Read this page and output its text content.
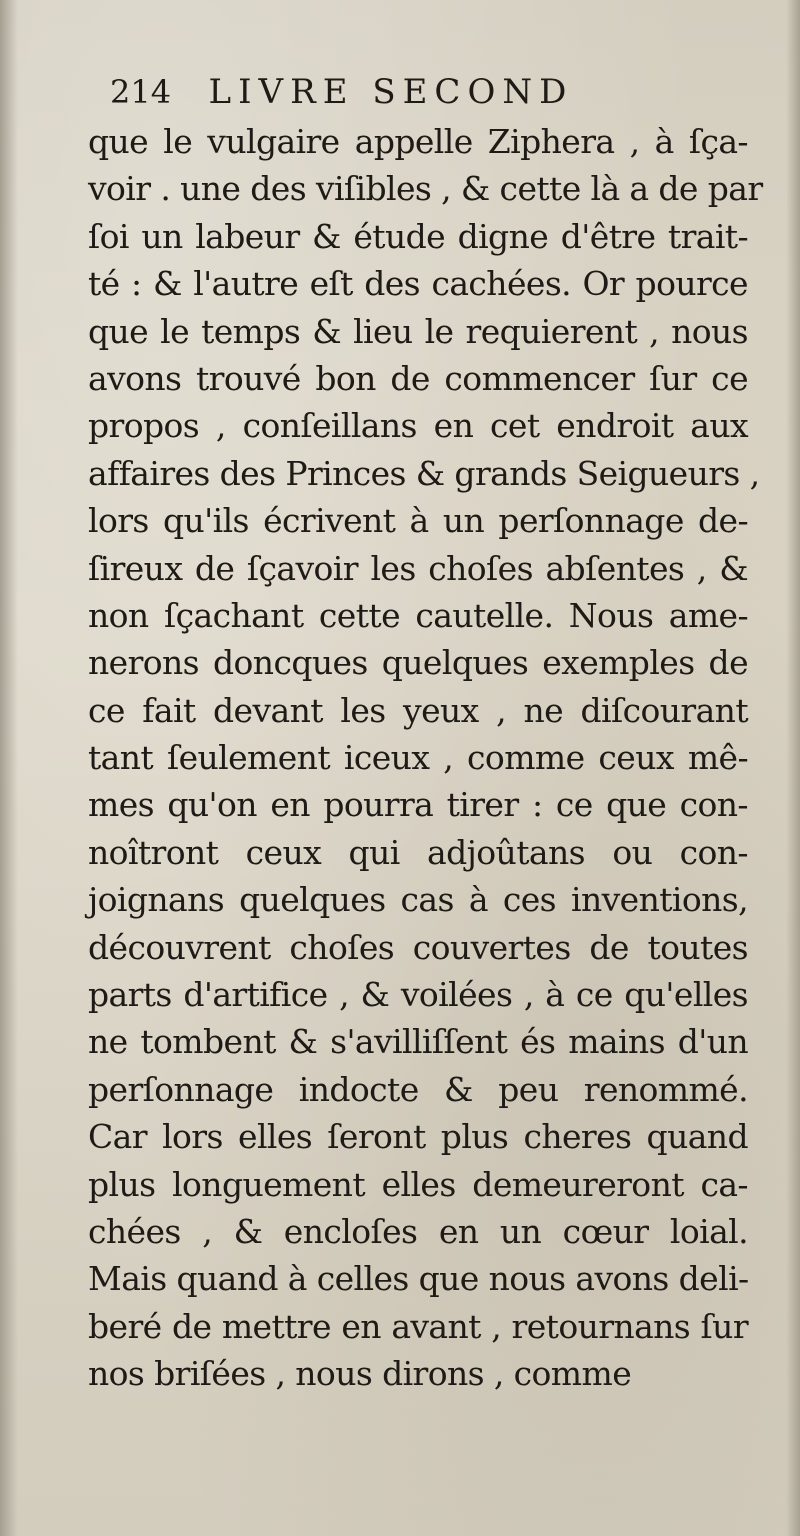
214 LIVRE SECOND
que le vulgaire appelle Ziphera , à ſça-
voir . une des viſibles , & cette là a de par
ſoi un labeur & étude digne d'être trait-
té : & l'autre eſt des cachées. Or pource
que le temps & lieu le requierent , nous
avons trouvé bon de commencer ſur ce
propos , conſeillans en cet endroit aux
affaires des Princes & grands Seigueurs ,
lors qu'ils écrivent à un perſonnage de-
ſireux de ſçavoir les choſes abſentes , &
non ſçachant cette cautelle. Nous ame-
nerons doncques quelques exemples de
ce fait devant les yeux , ne diſcourant
tant ſeulement iceux , comme ceux mê-
mes qu'on en pourra tirer : ce que con-
noîtront ceux qui adjoûtans ou con-
joignans quelques cas à ces inventions,
découvrent choſes couvertes de toutes
parts d'artifice , & voilées , à ce qu'elles
ne tombent & s'avilliſſent és mains d'un
perſonnage indocte & peu renommé.
Car lors elles ſeront plus cheres quand
plus longuement elles demeureront ca-
chées , & encloſes en un cœur loial.
Mais quand à celles que nous avons deli-
beré de mettre en avant , retournans ſur
nos briſées , nous dirons , comme
